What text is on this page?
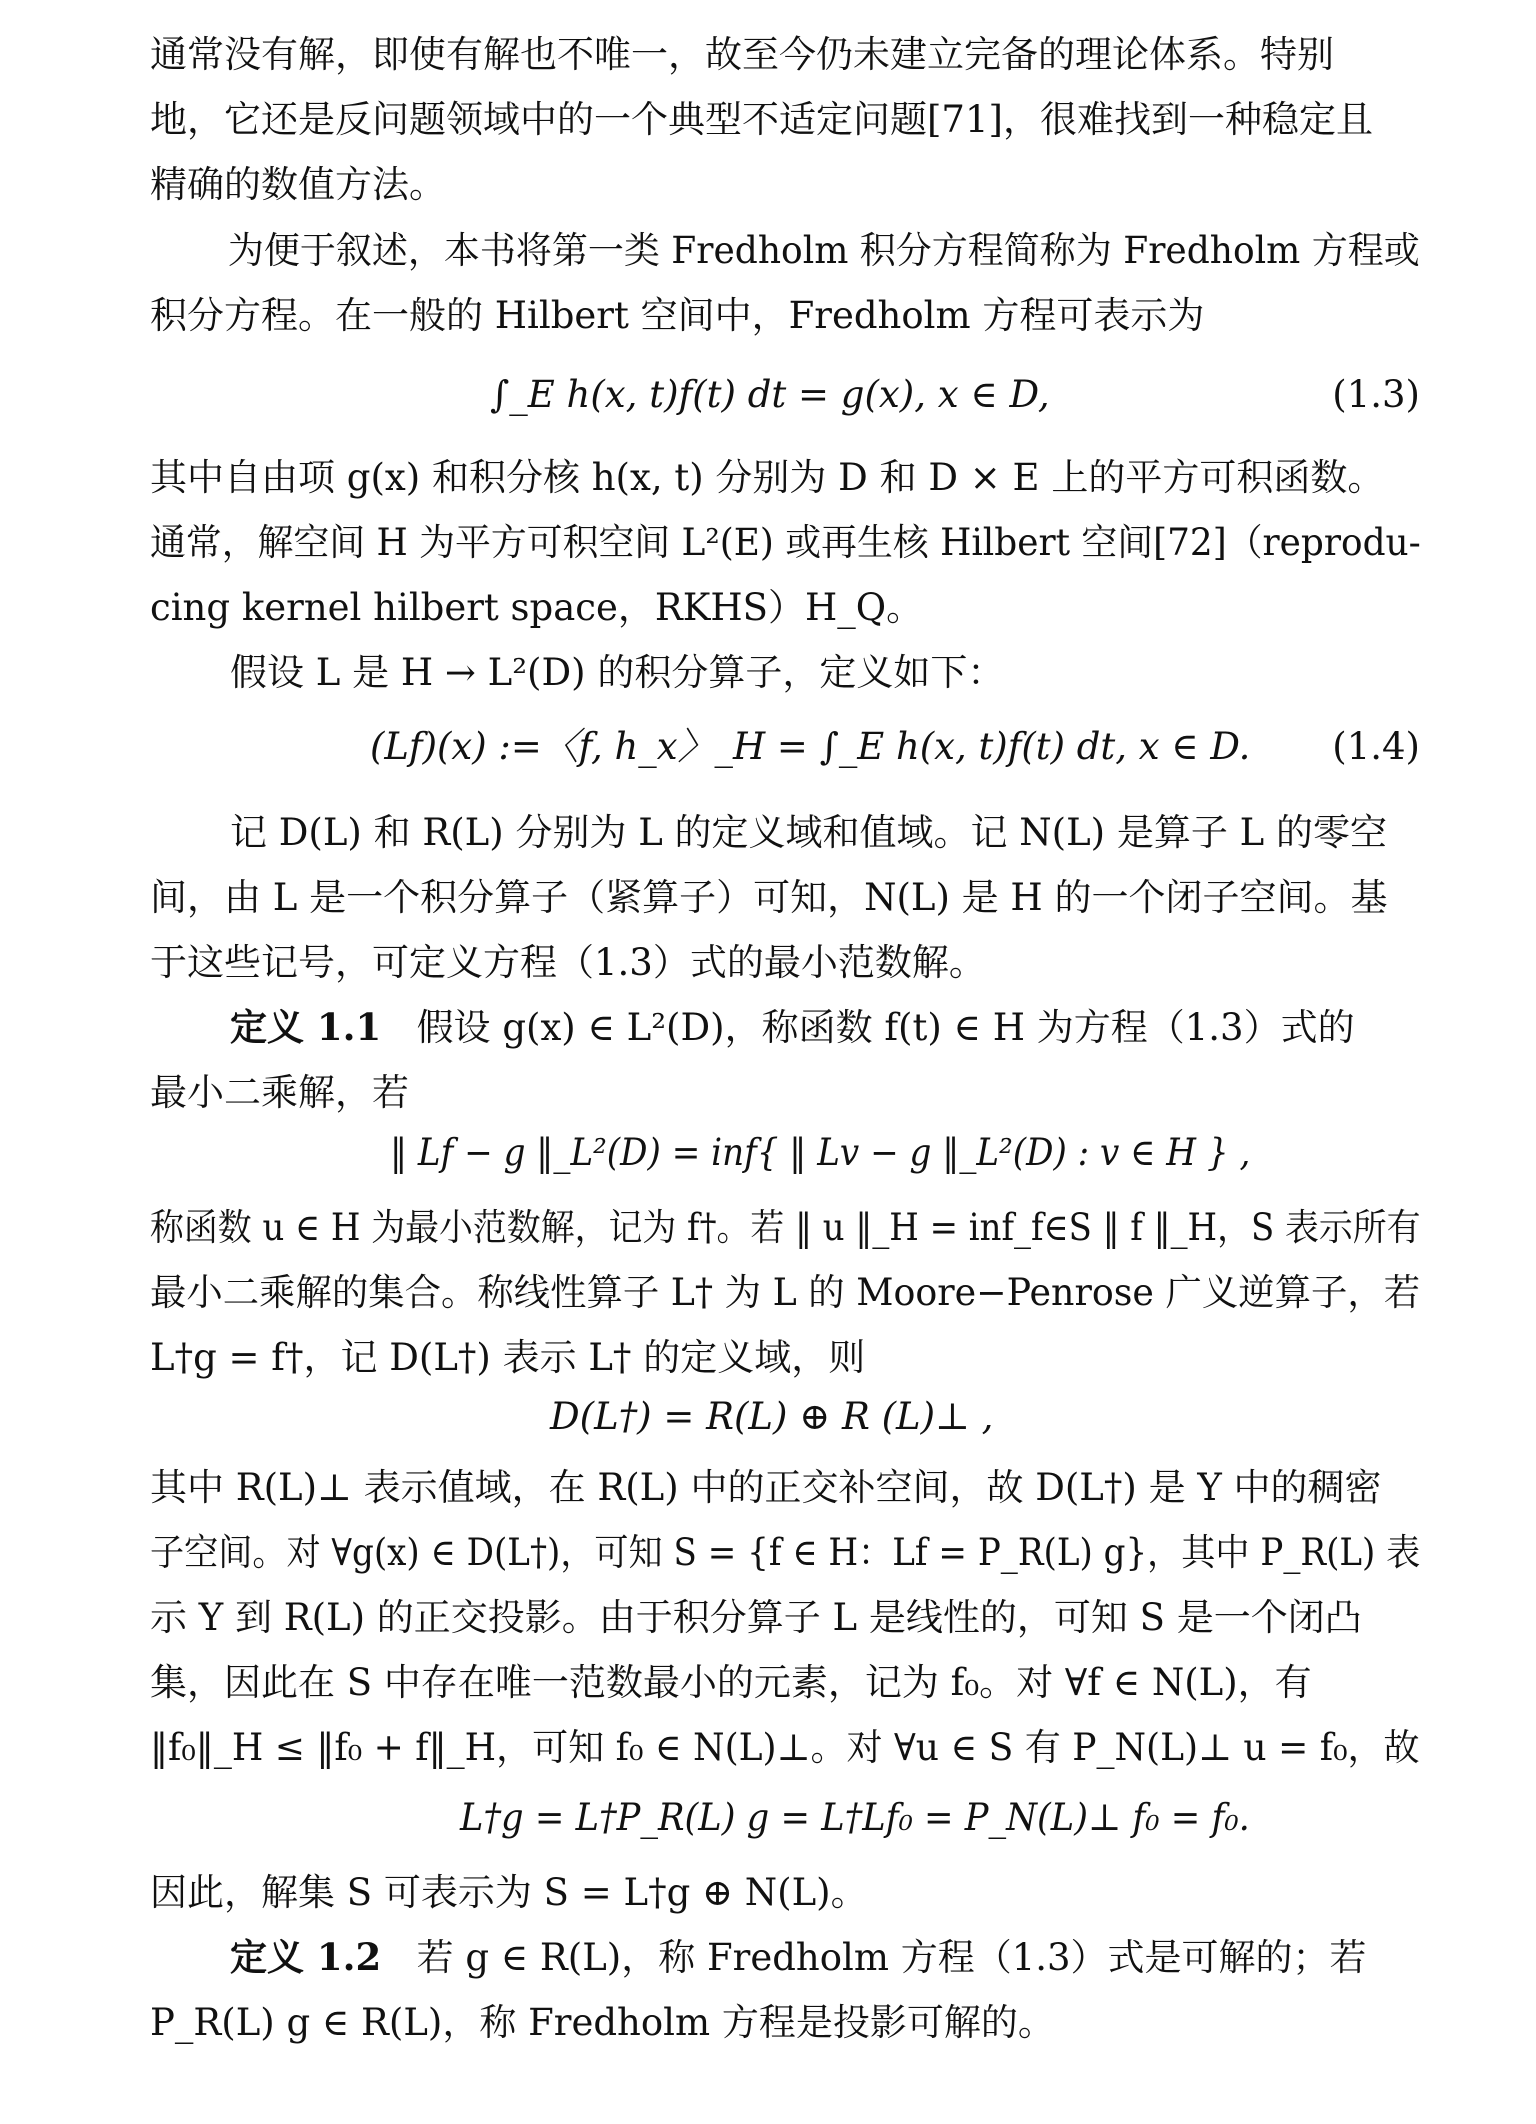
通常没有解，即使有解也不唯一，故至今仍未建立完备的理论体系。特别
地，它还是反问题领域中的一个典型不适定问题[71]，很难找到一种稳定且
精确的数值方法。
为便于叙述，本书将第一类 Fredholm 积分方程简称为 Fredholm 方程或
积分方程。在一般的 Hilbert 空间中，Fredholm 方程可表示为
∫_E h(x, t)f(t) dt = g(x), x ∈ D,	(1.3)
其中自由项 g(x) 和积分核 h(x, t) 分别为 D 和 D × E 上的平方可积函数。
通常，解空间 H 为平方可积空间 L²(E) 或再生核 Hilbert 空间[72]（reprodu-
cing kernel hilbert space，RKHS）H_Q。
假设 L 是 H → L²(D) 的积分算子，定义如下：
(Lf)(x) :=〈f, h_x〉_H = ∫_E h(x, t)f(t) dt, x ∈ D. (1.4)
记 D(L) 和 R(L) 分别为 L 的定义域和值域。记 N(L) 是算子 L 的零空
间，由 L 是一个积分算子（紧算子）可知，N(L) 是 H 的一个闭子空间。基
于这些记号，可定义方程（1.3）式的最小范数解。
定义 1.1 假设 g(x) ∈ L²(D)，称函数 f(t) ∈ H 为方程（1.3）式的
最小二乘解，若
‖ Lf − g ‖_L²(D) = inf{ ‖ Lv − g ‖_L²(D) : v ∈ H } ,
称函数 u ∈ H 为最小范数解，记为 f†。若 ‖ u ‖_H = inf_f∈S ‖ f ‖_H，S 表示所有 最小二乘解的集合。称线性算子 L† 为 L 的 Moore−Penrose 广义逆算子，若
L†g = f†，记 D(L†) 表示 L† 的定义域，则
D(L†) = R(L) ⊕ R (L)⊥ ,
其中 R(L)⊥ 表示值域，在 R(L) 中的正交补空间，故 D(L†) 是 Y 中的稠密
子空间。对 ∀g(x) ∈ D(L†)，可知 S = {f ∈ H：Lf = P_R(L) g}，其中 P_R(L) 表
示 Y 到 R(L) 的正交投影。由于积分算子 L 是线性的，可知 S 是一个闭凸
集，因此在 S 中存在唯一范数最小的元素，记为 f₀。对 ∀f ∈ N(L)，有
‖f₀‖_H ≤ ‖f₀ + f‖_H，可知 f₀ ∈ N(L)⊥。对 ∀u ∈ S 有 P_N(L)⊥ u = f₀，故
L†g = L†P_R(L) g = L†Lf₀ = P_N(L)⊥ f₀ = f₀.
因此，解集 S 可表示为 S = L†g ⊕ N(L)。
定义 1.2 若 g ∈ R(L)，称 Fredholm 方程（1.3）式是可解的；若
P_R(L) g ∈ R(L)，称 Fredholm 方程是投影可解的。
